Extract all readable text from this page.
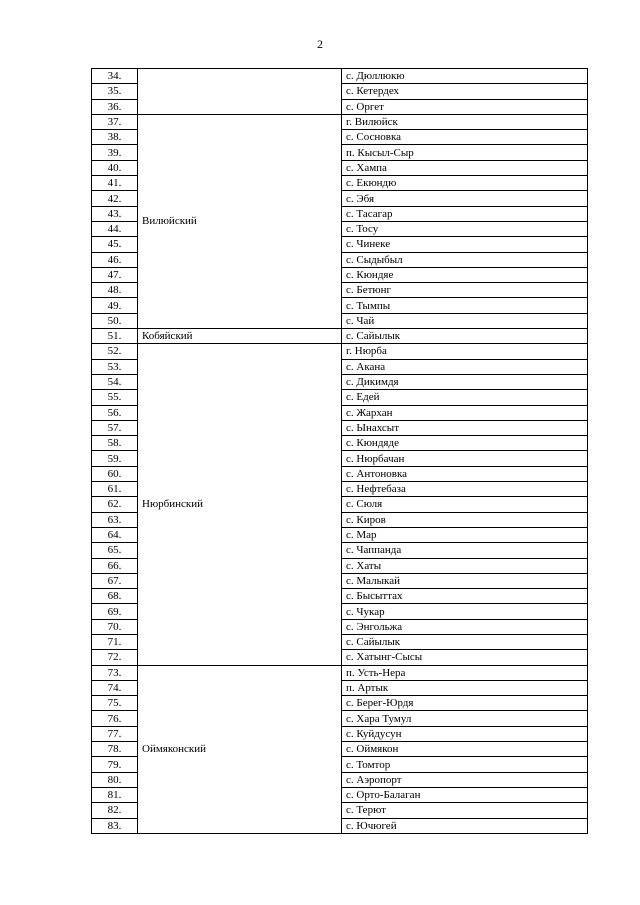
2
34.		с. Дюллюкю
35.		с. Кетердех
36.		с. Оргет
37.	Вилюйский	г. Вилюйск
38.		с. Сосновка
39.		п. Кысыл-Сыр
40.		с. Хампа
41.		с. Екюндю
42.		с. Эбя
43.		с. Тасагар
44.		с. Тосу
45.		с. Чинеке
46.		с. Сыдыбыл
47.		с. Кюндяе
48.		с. Бетюнг
49.		с. Тымпы
50.		с. Чай
51.	Кобяйский	с. Сайылык
52.	Нюрбинский	г. Нюрба
53.		с. Акана
54.		с. Дикимдя
55.		с. Едей
56.		с. Жархан
57.		с. Ынахсыт
58.		с. Кюндяде
59.		с. Нюрбачан
60.		с. Антоновка
61.		с. Нефтебаза
62.		с. Сюля
63.		с. Киров
64.		с. Мар
65.		с. Чаппанда
66.		с. Хаты
67.		с. Малыкай
68.		с. Бысыттах
69.		с. Чукар
70.		с. Энгольжа
71.		с. Сайылык
72.		с. Хатынг-Сысы
73.	Оймяконский	п. Усть-Нера
74.		п. Артык
75.		с. Берег-Юрдя
76.		с. Хара Тумул
77.		с. Куйдусун
78.		с. Оймякон
79.		с. Томтор
80.		с. Аэропорт
81.		с. Орто-Балаган
82.		с. Терют
83.		с. Ючюгей
